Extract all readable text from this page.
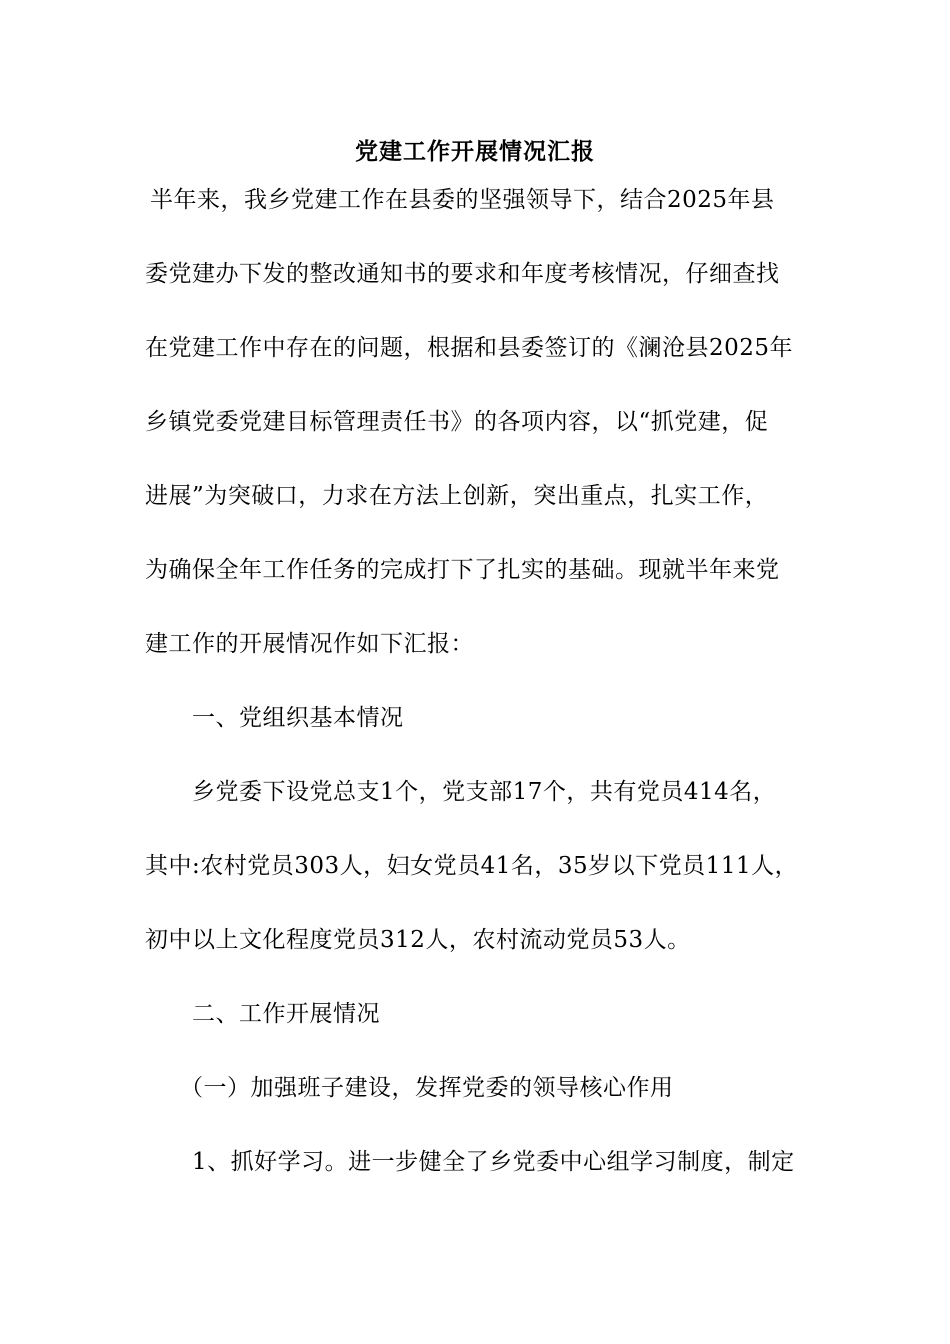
党建工作开展情况汇报
半年来，我乡党建工作在县委的坚强领导下，结合2025年县
委党建办下发的整改通知书的要求和年度考核情况，仔细查找
在党建工作中存在的问题，根据和县委签订的《澜沧县2025年
乡镇党委党建目标管理责任书》的各项内容，以“抓党建，促
进展”为突破口，力求在方法上创新，突出重点，扎实工作，
为确保全年工作任务的完成打下了扎实的基础。现就半年来党
建工作的开展情况作如下汇报：
一、党组织基本情况
乡党委下设党总支1个，党支部17个，共有党员414名，
其中:农村党员303人，妇女党员41名，35岁以下党员111人，
初中以上文化程度党员312人，农村流动党员53人。
二、工作开展情况
（一）加强班子建设，发挥党委的领导核心作用
1、抓好学习。进一步健全了乡党委中心组学习制度，制定
